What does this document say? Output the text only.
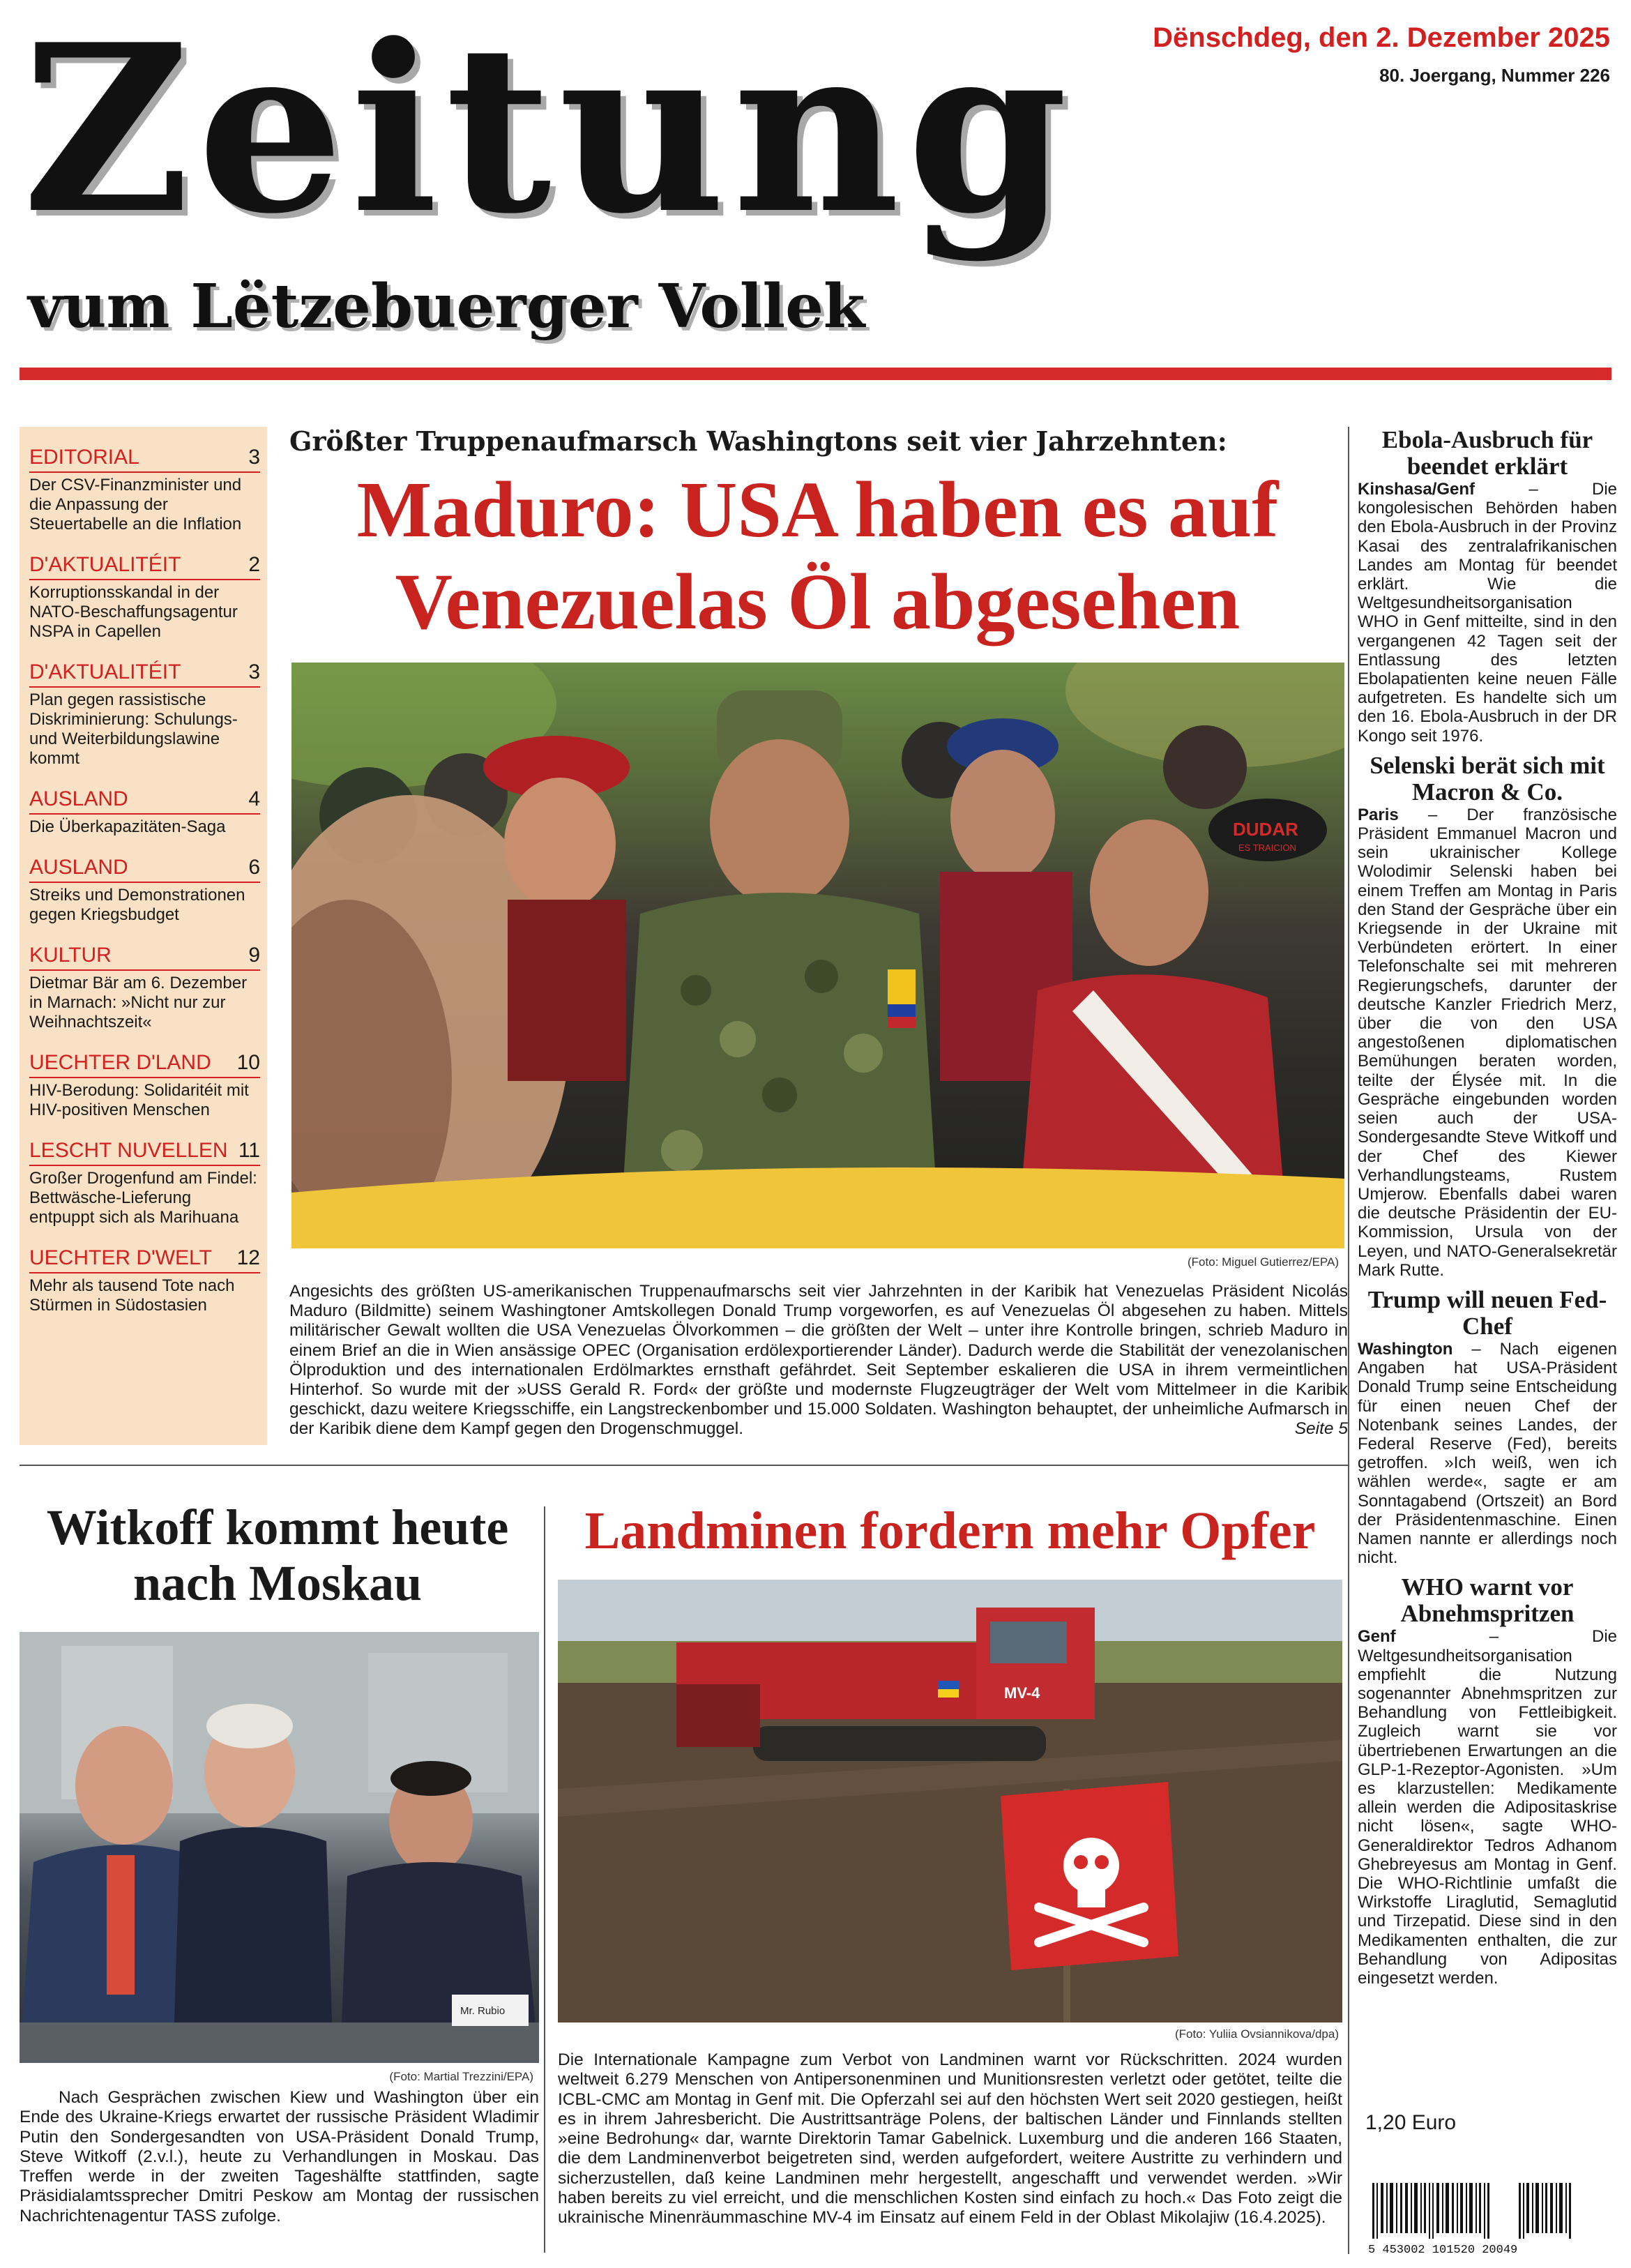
Zeitung
vum Lëtzebuerger Vollek
Dënschdeg, den 2. Dezember 2025
80. Joergang, Nummer 226
EDITORIAL	3
Der CSV-Finanzminister und die Anpassung der Steuertabelle an die Inflation
D'AKTUALITÉIT	2
Korruptionsskandal in der NATO-Beschaffungsagentur NSPA in Capellen
D'AKTUALITÉIT	3
Plan gegen rassistische Diskriminierung: Schulungs- und Weiterbildungslawine kommt
AUSLAND	4
Die Überkapazitäten-Saga
AUSLAND	6
Streiks und Demonstrationen gegen Kriegsbudget
KULTUR	9
Dietmar Bär am 6. Dezember in Marnach: »Nicht nur zur Weihnachtszeit«
UECHTER D'LAND 10
HIV-Berodung: Solidaritéit mit HIV-positiven Menschen
LESCHT NUVELLEN 11
Großer Drogenfund am Findel: Bettwäsche-Lieferung entpuppt sich als Marihuana
UECHTER D'WELT 12
Mehr als tausend Tote nach Stürmen in Südostasien
Größter Truppenaufmarsch Washingtons seit vier Jahrzehnten:
Maduro: USA haben es auf Venezuelas Öl abgesehen
DUDAR
ES TRAICION
(Foto: Miguel Gutierrez/EPA)
Angesichts des größten US-amerikanischen Truppenaufmarschs seit vier Jahrzehnten in der Karibik hat Venezuelas Präsident Nicolás Maduro (Bildmitte) seinem Washingtoner Amtskollegen Donald Trump vorgeworfen, es auf Venezuelas Öl abgesehen zu haben. Mittels militärischer Gewalt wollten die USA Venezuelas Ölvorkommen – die größten der Welt – unter ihre Kontrolle bringen, schrieb Maduro in einem Brief an die in Wien ansässige OPEC (Organisation erdölexportierender Länder). Dadurch werde die Stabilität der venezolanischen Ölproduktion und des internationalen Erdölmarktes ernsthaft gefährdet. Seit September eskalieren die USA in ihrem vermeintlichen Hinterhof. So wurde mit der »USS Gerald R. Ford« der größte und modernste Flugzeugträger der Welt vom Mittelmeer in die Karibik geschickt, dazu weitere Kriegsschiffe, ein Langstreckenbomber und 15.000 Soldaten. Washington behauptet, der unheimliche Aufmarsch in der Karibik diene dem Kampf gegen den Drogenschmuggel.	Seite 5
Ebola-Ausbruch für beendet erklärt
Kinshasa/Genf – Die kongolesischen Behörden haben den Ebola-Ausbruch in der Provinz Kasai des zentralafrikanischen Landes am Montag für beendet erklärt. Wie die Weltgesundheitsorganisation WHO in Genf mitteilte, sind in den vergangenen 42 Tagen seit der Entlassung des letzten Ebolapatienten keine neuen Fälle aufgetreten. Es handelte sich um den 16. Ebola-Ausbruch in der DR Kongo seit 1976.
Selenski berät sich mit Macron & Co.
Paris – Der französische Präsident Emmanuel Macron und sein ukrainischer Kollege Wolodimir Selenski haben bei einem Treffen am Montag in Paris den Stand der Gespräche über ein Kriegsende in der Ukraine mit Verbündeten erörtert. In einer Telefonschalte sei mit mehreren Regierungschefs, darunter der deutsche Kanzler Friedrich Merz, über die von den USA angestoßenen diplomatischen Bemühungen beraten worden, teilte der Élysée mit. In die Gespräche eingebunden worden seien auch der USA-Sondergesandte Steve Witkoff und der Chef des Kiewer Verhandlungsteams, Rustem Umjerow. Ebenfalls dabei waren die deutsche Präsidentin der EU-Kommission, Ursula von der Leyen, und NATO-Generalsekretär Mark Rutte.
Trump will neuen Fed-Chef
Washington – Nach eigenen Angaben hat USA-Präsident Donald Trump seine Entscheidung für einen neuen Chef der Notenbank seines Landes, der Federal Reserve (Fed), bereits getroffen. »Ich weiß, wen ich wählen werde«, sagte er am Sonntagabend (Ortszeit) an Bord der Präsidentenmaschine. Einen Namen nannte er allerdings noch nicht.
WHO warnt vor Abnehmspritzen
Genf – Die Weltgesundheitsorganisation empfiehlt die Nutzung sogenannter Abnehmspritzen zur Behandlung von Fettleibigkeit. Zugleich warnt sie vor übertriebenen Erwartungen an die GLP-1-Rezeptor-Agonisten. »Um es klarzustellen: Medikamente allein werden die Adipositaskrise nicht lösen«, sagte WHO-Generaldirektor Tedros Adhanom Ghebreyesus am Montag in Genf. Die WHO-Richtlinie umfaßt die Wirkstoffe Liraglutid, Semaglutid und Tirzepatid. Diese sind in den Medikamenten enthalten, die zur Behandlung von Adipositas eingesetzt werden.
1,20 Euro
5 453002 101520 20049
Witkoff kommt heute nach Moskau
Mr. Rubio
(Foto: Martial Trezzini/EPA)
Nach Gesprächen zwischen Kiew und Washington über ein Ende des Ukraine-Kriegs erwartet der russische Präsident Wladimir Putin den Sondergesandten von USA-Präsident Donald Trump, Steve Witkoff (2.v.l.), heute zu Verhandlungen in Moskau. Das Treffen werde in der zweiten Tageshälfte stattfinden, sagte Präsidialamtssprecher Dmitri Peskow am Montag der russischen Nachrichtenagentur TASS zufolge.
Landminen fordern mehr Opfer
MV-4
(Foto: Yuliia Ovsiannikova/dpa)
Die Internationale Kampagne zum Verbot von Landminen warnt vor Rückschritten. 2024 wurden weltweit 6.279 Menschen von Antipersonenminen und Munitionsresten verletzt oder getötet, teilte die ICBL-CMC am Montag in Genf mit. Die Opferzahl sei auf den höchsten Wert seit 2020 gestiegen, heißt es in ihrem Jahresbericht. Die Austrittsanträge Polens, der baltischen Länder und Finnlands stellten »eine Bedrohung« dar, warnte Direktorin Tamar Gabelnick. Luxemburg und die anderen 166 Staaten, die dem Landminenverbot beigetreten sind, werden aufgefordert, weitere Austritte zu verhindern und sicherzustellen, daß keine Landminen mehr hergestellt, angeschafft und verwendet werden. »Wir haben bereits zu viel erreicht, und die menschlichen Kosten sind einfach zu hoch.« Das Foto zeigt die ukrainische Minenräummaschine MV-4 im Einsatz auf einem Feld in der Oblast Mikolajiw (16.4.2025).
